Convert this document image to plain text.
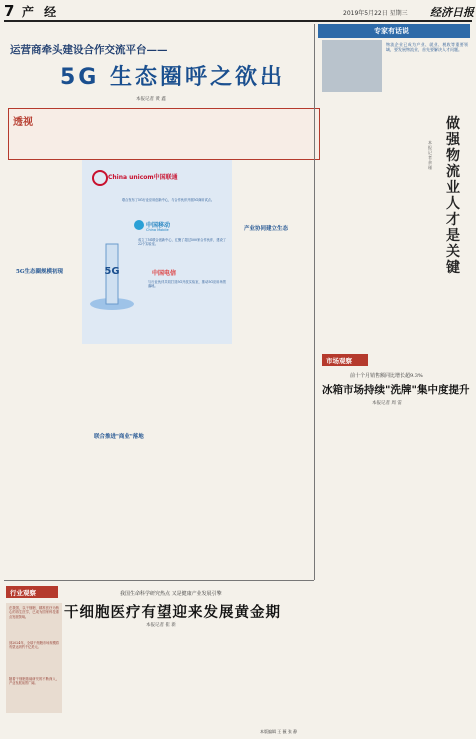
7 产 经	2019年5月22日 星期三 经济日报
运营商牵头建设合作交流平台——
5G 生态圈呼之欲出
本报记者 黄 鑫
透视
5G生态圈规模初现
China unicom中国联通
联合发布了5G行业应用创新中心，与合作伙伴开展5G商用试点。
中国移动
China Mobile
成立了5G联合创新中心，汇聚了超过500家合作伙伴，建设了22个实验室。
中国电信
与行业伙伴共同打造5G开放实验室，推动5G应用场景落地。
5G
联合推进"商业"落地
产业协同建立生态
专家有话说
物流企业已成为产业、就业、税收等重要领域，要发展物流业，首先要解决人才问题。
做强物流业 人才是关键
本报记者 余瑾
市场观察
前十个月销售额同比增长超9.3%
冰箱市场持续"洗牌"集中度提升
本报记者 周 雷
行业观察	我国生命科学研究热点 又是健康产业发展引擎
干细胞医疗有望迎来发展黄金期
本报记者 崔 新
在我国，以干细胞、精准医疗为核心的再生医学，已成为国家科技重点发展领域。
到2024年，全球干细胞市场规模将有望达到约千亿美元。
随着干细胞基础研究的不断深入，产业发展前景广阔。
本版编辑 王 薇 张 静
